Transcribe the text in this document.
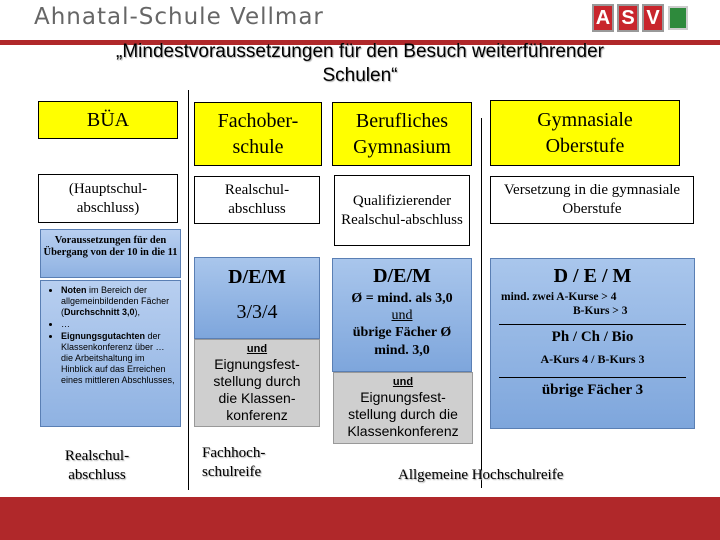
Ahnatal-Schule Vellmar	A S V
„Mindestvoraussetzungen für den Besuch weiterführender
Schulen“
BÜA
(Hauptschul-abschluss)
Voraussetzungen für den Übergang von der 10 in die 11
• Noten im Bereich der allgemeinbildenden Fächer (Durchschnitt 3,0),
• …
• Eignungsgutachten der Klassenkonferenz über … die Arbeitshaltung im Hinblick auf das Erreichen eines mittleren Abschlusses,
Realschul-abschluss
Fachober-schule
Realschul-abschluss
D/E/M
3/3/4
und
Eignungsfest-stellung durch die Klassen-konferenz
Fachhoch-schulreife
Berufliches Gymnasium
Qualifizierender Realschul-abschluss
D/E/M
Ø = mind. als 3,0
und
übrige Fächer Ø mind. 3,0
und
Eignungsfest-stellung durch die Klassenkonferenz
Gymnasiale Oberstufe
Versetzung in die gymnasiale Oberstufe
D / E / M
mind. zwei A-Kurse > 4
B-Kurs > 3
Ph / Ch / Bio
A-Kurs 4 / B-Kurs 3
übrige Fächer 3
Allgemeine Hochschulreife
